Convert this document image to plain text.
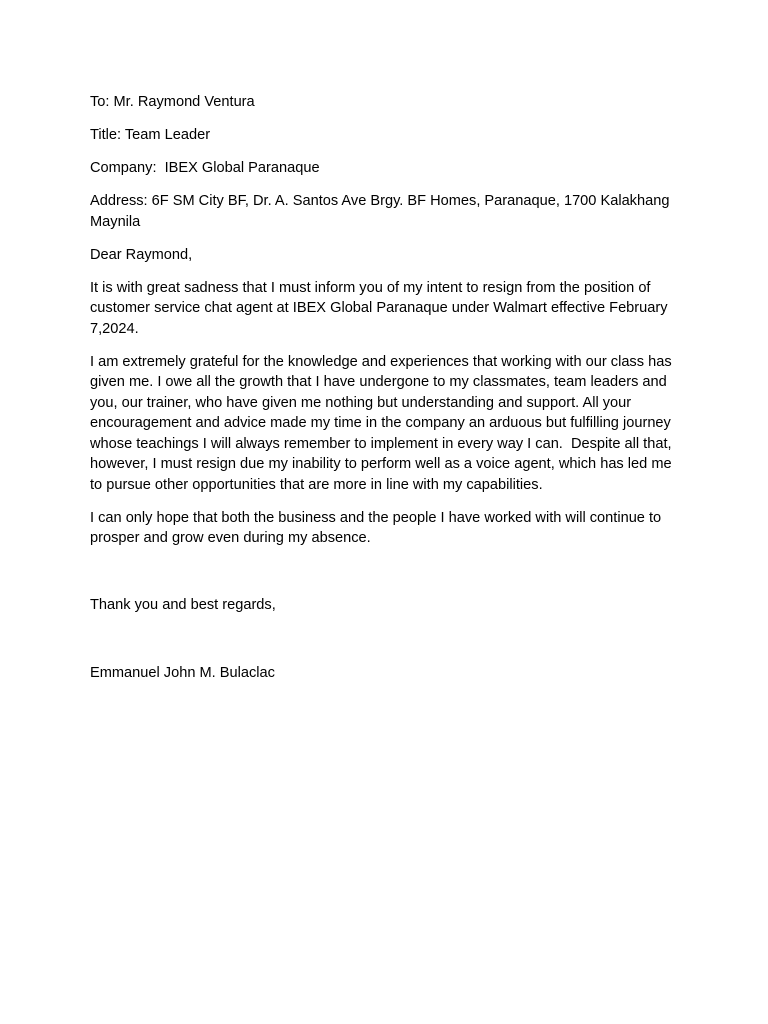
To: Mr. Raymond Ventura

Title: Team Leader

Company:  IBEX Global Paranaque

Address: 6F SM City BF, Dr. A. Santos Ave Brgy. BF Homes, Paranaque, 1700 Kalakhang Maynila

Dear Raymond,

It is with great sadness that I must inform you of my intent to resign from the position of customer service chat agent at IBEX Global Paranaque under Walmart effective February 7,2024.

I am extremely grateful for the knowledge and experiences that working with our class has given me. I owe all the growth that I have undergone to my classmates, team leaders and you, our trainer, who have given me nothing but understanding and support. All your encouragement and advice made my time in the company an arduous but fulfilling journey whose teachings I will always remember to implement in every way I can.  Despite all that, however, I must resign due my inability to perform well as a voice agent, which has led me to pursue other opportunities that are more in line with my capabilities.

I can only hope that both the business and the people I have worked with will continue to prosper and grow even during my absence.

Thank you and best regards,

Emmanuel John M. Bulaclac
